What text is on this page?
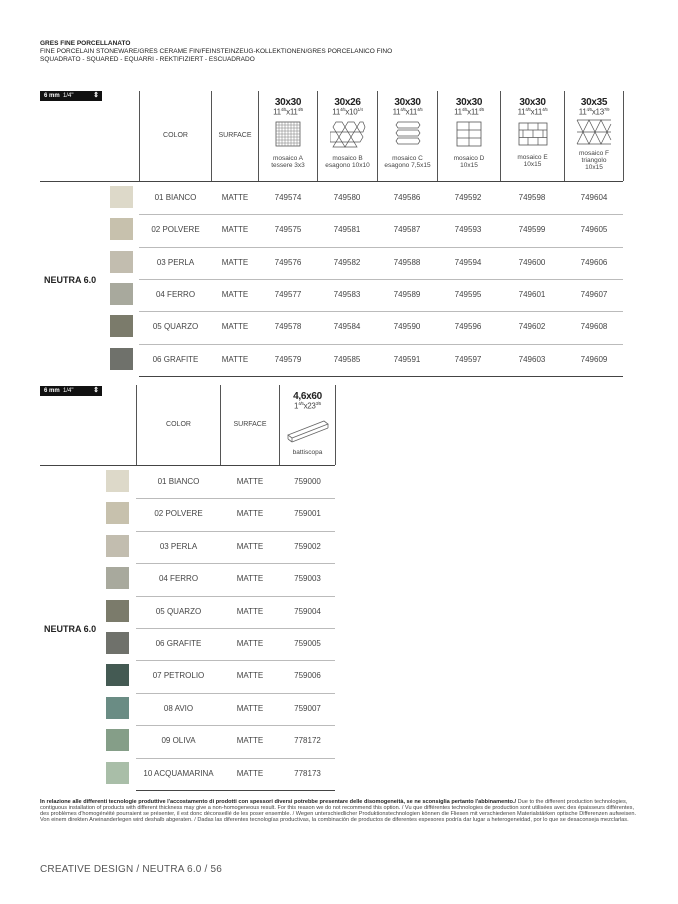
GRES FINE PORCELLANATO
FINE PORCELAIN STONEWARE/GRES CERAME FIN/FEINSTEINZEUG-KOLLEKTIONEN/GRES PORCELANICO FINO
SQUADRATO - SQUARED - EQUARRI - REKTIFIZIERT - ESCUADRADO
6 mm 1/4"	⇕
COLOR	SURFACE
30x30
$11^{4/5}x11^{4/5}$
mosaico A
tessere 3x3
30x26
$11^{4/5}x10^{1/4}$
mosaico B
esagono 10x10
30x30
$11^{4/5}x11^{4/5}$
mosaico C
esagono 7,5x15
30x30
$11^{4/5}x11^{4/5}$
mosaico D
10x15
30x30
$11^{4/5}x11^{4/5}$
mosaico E
10x15
30x35
$11^{4/5}x13^{7/9}$
mosaico F
triangolo
10x15
01 BIANCO	MATTE	749574	749580	749586	749592	749598	749604
02 POLVERE	MATTE	749575	749581	749587	749593	749599	749605
03 PERLA	MATTE	749576	749582	749588	749594	749600	749606
04 FERRO	MATTE	749577	749583	749589	749595	749601	749607
05 QUARZO	MATTE	749578	749584	749590	749596	749602	749608
06 GRAFITE	MATTE	749579	749585	749591	749597	749603	749609
NEUTRA 6.0
6 mm 1/4"	⇕
COLOR	SURFACE
4,6x60
$1^{4/5}x23^{3/5}$
battiscopa
01 BIANCO	MATTE	759000
02 POLVERE	MATTE	759001
03 PERLA	MATTE	759002
04 FERRO	MATTE	759003
05 QUARZO	MATTE	759004
06 GRAFITE	MATTE	759005
07 PETROLIO	MATTE	759006
08 AVIO	MATTE	759007
09 OLIVA	MATTE	778172
10 ACQUAMARINA	MATTE	778173
NEUTRA 6.0
In relazione alle differenti tecnologie produttive l'accostamento di prodotti con spessori diversi potrebbe presentare delle disomogeneità, se ne sconsiglia pertanto l'abbinamento./ Due to the different production technologies, contiguous installation of products with different thickness may give a non-homogeneous result. For this reason we do not recommend this option. / Vu que différentes technologies de production sont utilisées avec des épaisseurs différentes, des problèmes d'homogénéité pourraient se présenter, il est donc déconseillé de les poser ensemble. / Wegen unterschiedlicher Produktionstechnologien können die Fliesen mit verschiedenen Materialstärken optische Differenzen aufweisen. Von einem direkten Aneinanderlegen wird deshalb abgeraten. / Dadas las diferentes tecnologías productivas, la combinación de productos de diferentes espesores podría dar lugar a heterogeneidad, por lo que se desaconseja mezclarlas.
CREATIVE DESIGN / NEUTRA 6.0 / 56
